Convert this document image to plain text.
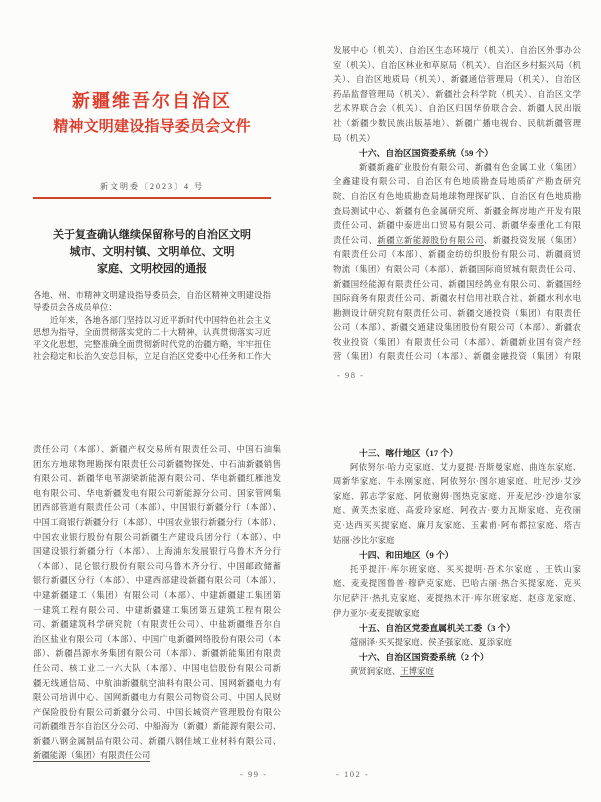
新疆维吾尔自治区
精神文明建设指导委员会文件
新文明委〔2023〕4 号
关于复查确认继续保留称号的自治区文明
城市、文明村镇、文明单位、文明
家庭、文明校园的通报
各地、州、市精神文明建设指导委员会，自治区精神文明建设指
导委员会各成员单位：
近年来，各地各部门坚持以习近平新时代中国特色社会主义
思想为指导，全面贯彻落实党的二十大精神，认真贯彻落实习近
平文化思想，完整准确全面贯彻新时代党的治疆方略，牢牢扭住
社会稳定和长治久安总目标，立足自治区党委中心任务和工作大
发展中心（机关）、自治区生态环境厅（机关）、自治区外事办公
室（机关）、自治区林业和草原局（机关）、自治区乡村振兴局（机
关）、自治区地质局（机关）、新疆通信管理局（机关）、自治区
药品监督管理局（机关）、新疆社会科学院（机关）、自治区文学
艺术界联合会（机关）、自治区归国华侨联合会、新疆人民出版
社（新疆少数民族出版基地）、新疆广播电视台、民航新疆管理
局（机关）
十六、自治区国资委系统（59 个）
新疆新鑫矿业股份有限公司、新疆有色金属工业（集团）
全鑫建设有限公司、自治区有色地质勘查局地质矿产勘查研究
院、自治区有色地质勘查局地球物理探矿队、自治区有色地质勘
查局测试中心、新疆有色金属研究所、新疆金辉房地产开发有限
责任公司、新疆中泰进出口贸易有限公司、新疆华泰重化工有限
责任公司、新疆立新能源股份有限公司、新疆投资发展（集团）
有限责任公司（本部）、新疆金纺纺织股份有限公司、新疆商贸
物流（集团）有限公司（本部）、新疆国际商贸城有限责任公司、
新疆国经能源有限责任公司、新疆国经鸽业有限公司、新疆国经
国际商务有限责任公司、新疆农村信用社联合社、新疆水利水电
勘测设计研究院有限责任公司、新疆交通投资（集团）有限责任
公司（本部）、新疆交通建设集团股份有限公司（本部）、新疆农
牧业投资（集团）有限责任公司（本部）、新疆新业国有资产经
营（集团）有限责任公司（本部）、新疆金融投资（集团）有限
- 98 -
责任公司（本部）、新疆产权交易所有限责任公司、中国石油集
团东方地球物理勘探有限责任公司新疆物探处、中石油新疆销售
有限公司、新疆华电苇湖梁新能源有限公司、华电新疆红雁池发
电有限公司、华电新疆发电有限公司新能源分公司、国家管网集
团西部管道有限责任公司（本部）、中国银行新疆分行（本部）、
中国工商银行新疆分行（本部）、中国农业银行新疆分行（本部）、
中国农业银行股份有限公司新疆生产建设兵团分行（本部）、中
国建设银行新疆分行（本部）、上海浦东发展银行乌鲁木齐分行
（本部）、昆仑银行股份有限公司乌鲁木齐分行、中国邮政储蓄
银行新疆区分行（本部）、中建西部建设新疆有限公司（本部）、
中建新疆建工（集团）有限公司（本部）、中建新疆建工集团第
一建筑工程有限公司、中建新疆建工集团第五建筑工程有限公
司、新疆建筑科学研究院（有限责任公司）、中盐新疆维吾尔自
治区盐业有限公司（本部）、中国广电新疆网络股份有限公司（本
部）、新疆昌源水务集团有限公司（本部）、新疆新能集团有限责
任公司、核工业二一六大队（本部）、中国电信股份有限公司新
疆无线通信局、中航油新疆航空油料有限公司、国网新疆电力有
限公司培训中心、国网新疆电力有限公司物资公司、中国人民财
产保险股份有限公司新疆分公司、中国长城资产管理股份有限公
司新疆维吾尔自治区分公司、中船海为（新疆）新能源有限公司、
新疆八钢金属制品有限公司、新疆八钢佳域工业材料有限公司、
新疆能源（集团）有限责任公司
- 99 -
十三、喀什地区（17 个）
阿依努尔·哈力克家庭、艾力夏提·吾斯曼家庭、曲连东家庭、
周新华家庭、牛永刚家庭、阿依努尔·图尔迪家庭、吐尼沙·艾沙
家庭、郭志学家庭、阿依谢姆·图热克家庭、开麦尼沙·沙迪尔家
庭、黄芙杰家庭、高爱玲家庭、阿孜古·要力瓦斯家庭、克孜丽
克·达西买买提家庭、廉月友家庭、玉素甫·阿布都拉家庭、塔吉
姑丽·沙比尔家庭
十四、和田地区（9 个）
托乎提汗·库尔班家庭、买买提明·吾术尔家庭 、王铁山家
庭、麦麦提图鲁普·穆萨克家庭、巴哈古丽·热合买提家庭、克买
尔尼萨汗·热扎克家庭、麦提热木汗·库尔班家庭、赵彦龙家庭、
伊力亚尔·麦麦提敏家庭
十五、自治区党委直属机关工委（3 个）
蔻丽泽·买买提家庭、侯圣强家庭、夏添家庭
十六、自治区国资委系统（2 个）
黄贤润家庭、王博家庭
- 102 -
